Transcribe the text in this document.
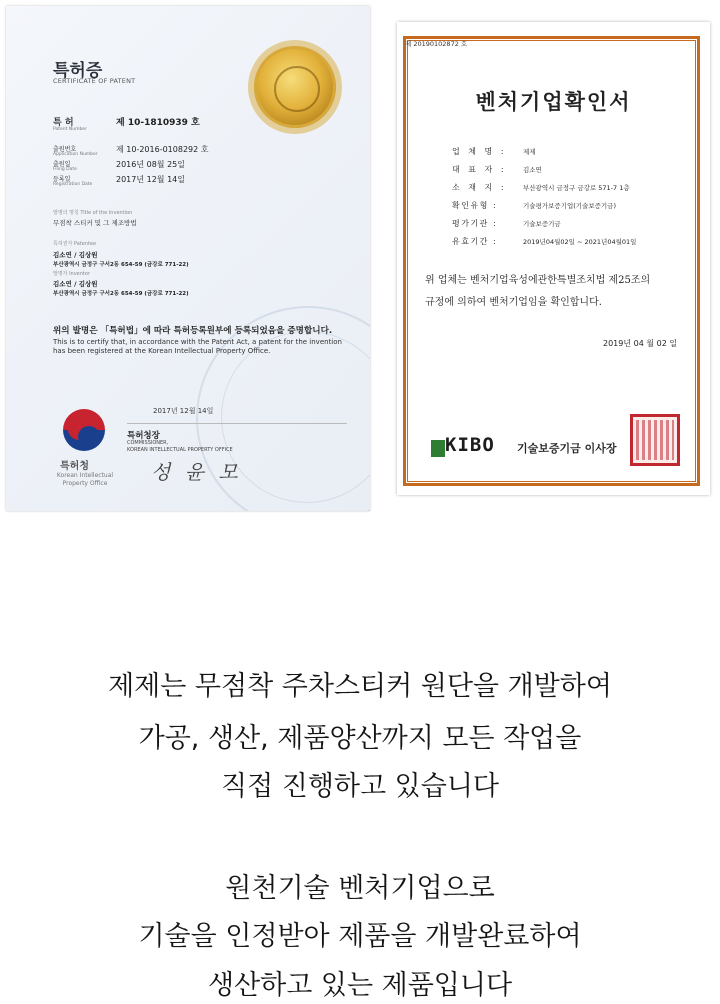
특허증
CERTIFICATE OF PATENT
특 허
Patent Number
제 10-1810939 호
출원번호
Application Number
제 10-2016-0108292 호
출원일
Filing Date
2016년 08월 25일
등록일
Registration Date
2017년 12월 14일
발명의 명칭 Title of the Invention
무점착 스티커 및 그 제조방법
특허권자 Patentee
김소연 / 김상원
부산광역시 금정구 구서2동 654-59 (금강로 771-22)
발명자 Inventor
김소연 / 김상원
부산광역시 금정구 구서2동 654-59 (금강로 771-22)
위의 발명은 「특허법」에 따라 특허등록원부에 등록되었음을 증명합니다.
This is to certify that, in accordance with the Patent Act, a patent for the invention
has been registered at the Korean Intellectual Property Office.
특허청
Korean Intellectual Property Office
2017년 12월 14일
특허청장
COMMISSIONER,
KOREAN INTELLECTUAL PROPERTY OFFICE
성 윤 모
제 20190102872 호
벤처기업확인서
업 체 명 :	제제
대 표 자 :	김소연
소 재 지 :	부산광역시 금정구 금강로 571-7 1층
확인유형 :	기술평가보증기업(기술보증기금)
평가기관 :	기술보증기금
유효기간 :	2019년04월02일 ~ 2021년04월01일
위 업체는 벤처기업육성에관한특별조치법 제25조의
규정에 의하여 벤처기업임을 확인합니다.
2019년 04 월 02 일
KIBO 기술보증기금 이사장
제제는 무점착 주차스티커 원단을 개발하여
가공, 생산, 제품양산까지 모든 작업을
직접 진행하고 있습니다
원천기술 벤처기업으로
기술을 인정받아 제품을 개발완료하여
생산하고 있는 제품입니다
